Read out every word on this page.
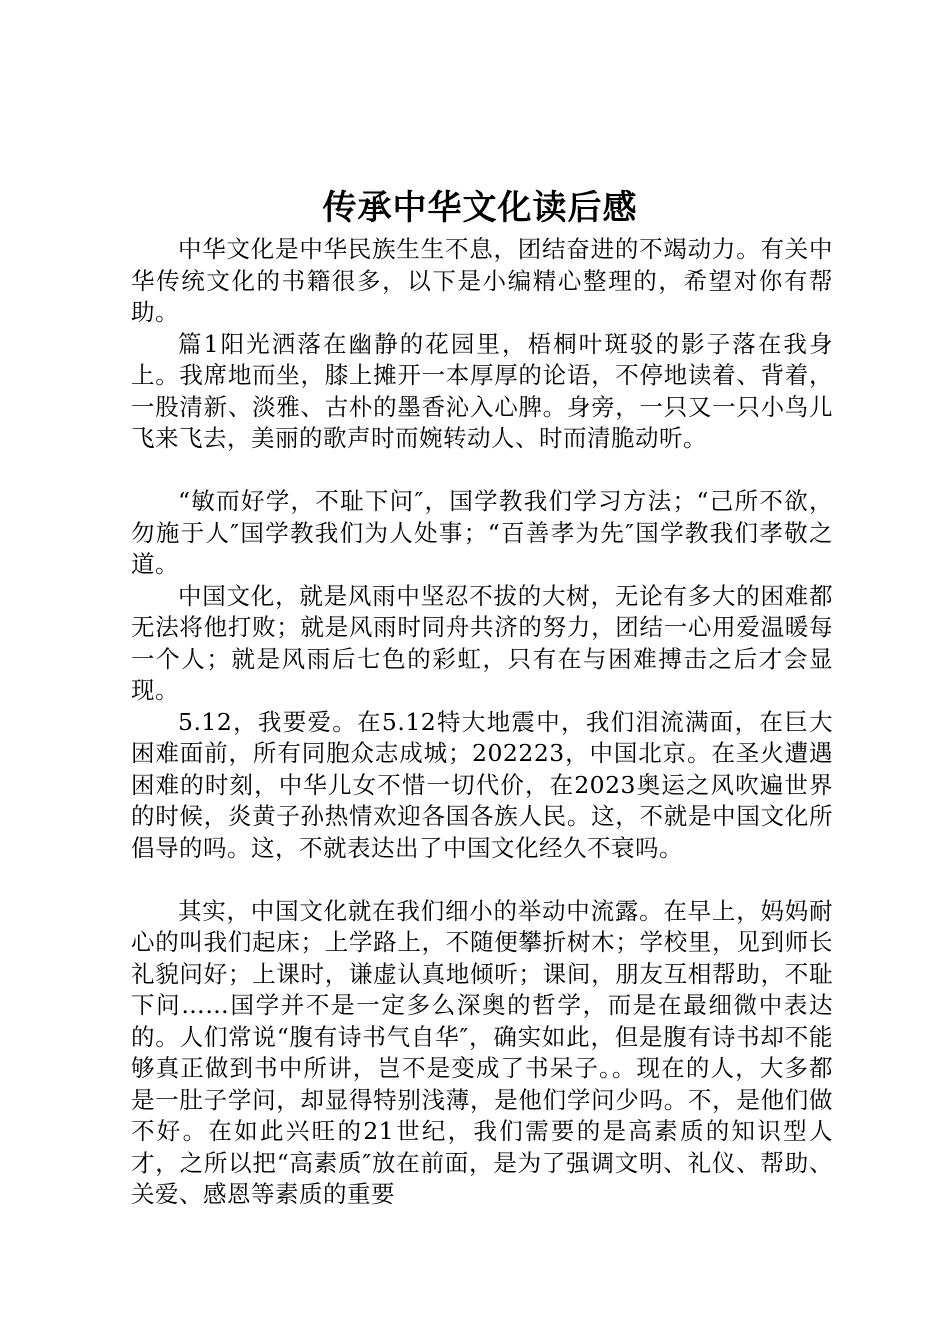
传承中华文化读后感

中华文化是中华民族生生不息，团结奋进的不竭动力。有关中华传统文化的书籍很多，以下是小编精心整理的，希望对你有帮助。

篇1阳光洒落在幽静的花园里，梧桐叶斑驳的影子落在我身上。我席地而坐，膝上摊开一本厚厚的论语，不停地读着、背着，一股清新、淡雅、古朴的墨香沁入心脾。身旁，一只又一只小鸟儿飞来飞去，美丽的歌声时而婉转动人、时而清脆动听。

“敏而好学，不耻下问″，国学教我们学习方法；“己所不欲，勿施于人″国学教我们为人处事；“百善孝为先″国学教我们孝敬之道。

中国文化，就是风雨中坚忍不拔的大树，无论有多大的困难都无法将他打败；就是风雨时同舟共济的努力，团结一心用爱温暖每一个人；就是风雨后七色的彩虹，只有在与困难搏击之后才会显现。

5.12，我要爱。在5.12特大地震中，我们泪流满面，在巨大困难面前，所有同胞众志成城；202223，中国北京。在圣火遭遇困难的时刻，中华儿女不惜一切代价，在2023奥运之风吹遍世界的时候，炎黄子孙热情欢迎各国各族人民。这，不就是中国文化所倡导的吗。这，不就表达出了中国文化经久不衰吗。

其实，中国文化就在我们细小的举动中流露。在早上，妈妈耐心的叫我们起床；上学路上，不随便攀折树木；学校里，见到师长礼貌问好；上课时，谦虚认真地倾听；课间，朋友互相帮助，不耻下问……国学并不是一定多么深奥的哲学，而是在最细微中表达的。人们常说“腹有诗书气自华″，确实如此，但是腹有诗书却不能够真正做到书中所讲，岂不是变成了书呆子。。现在的人，大多都是一肚子学问，却显得特别浅薄，是他们学问少吗。不，是他们做不好。在如此兴旺的21世纪，我们需要的是高素质的知识型人才，之所以把“高素质″放在前面，是为了强调文明、礼仪、帮助、关爱、感恩等素质的重要
